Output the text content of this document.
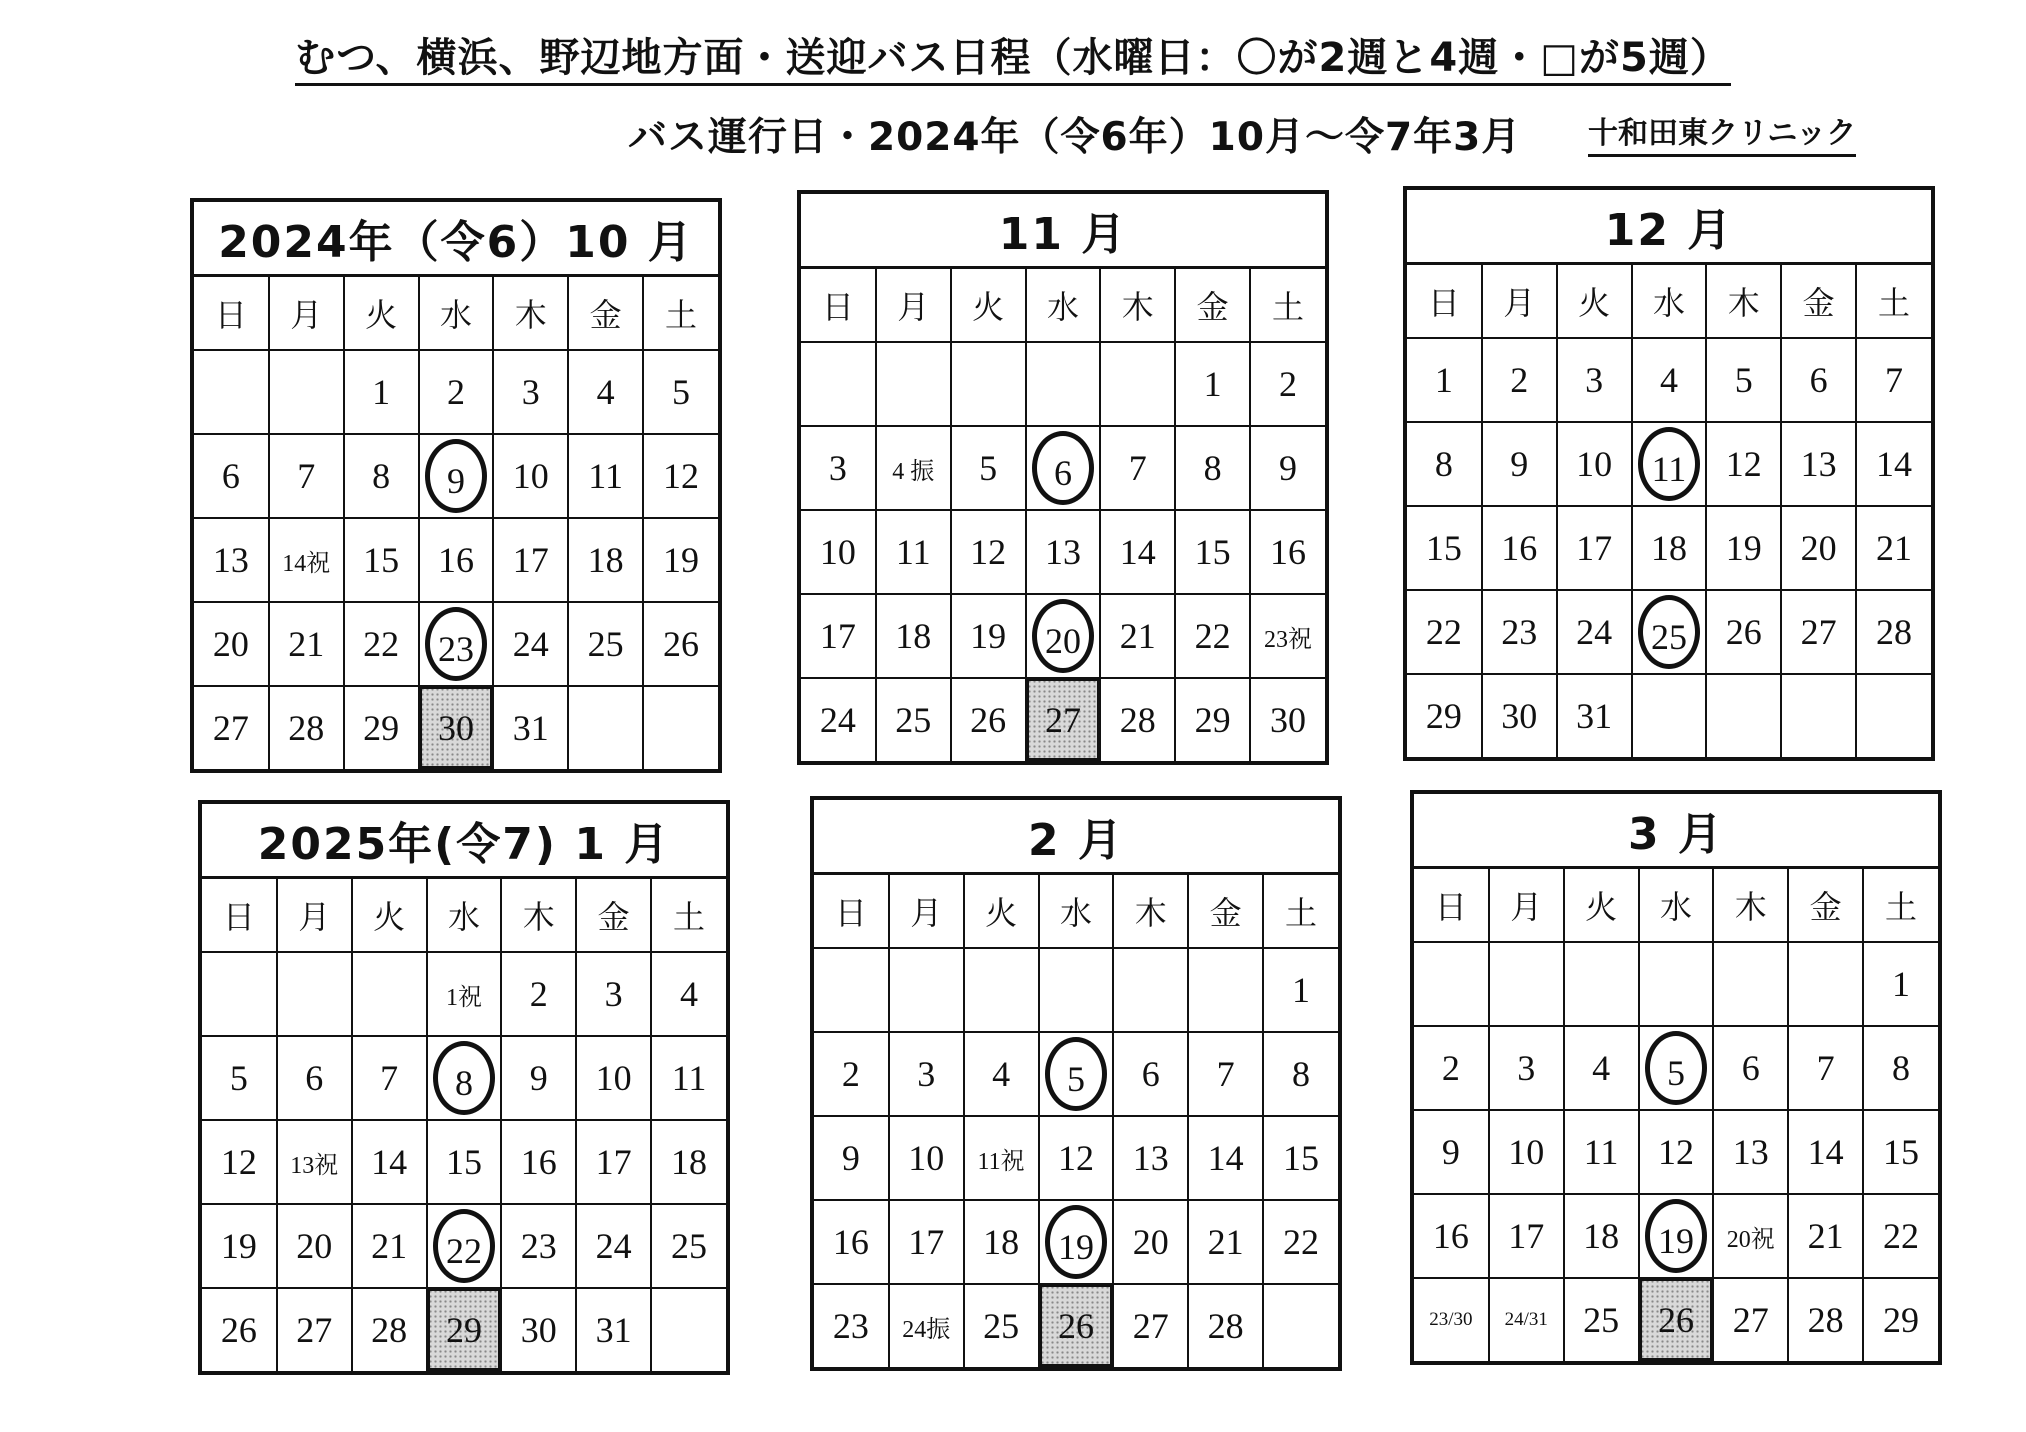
むつ、横浜、野辺地方面・送迎バス日程（水曜日：〇が2週と4週・□が5週）
バス運行日・2024年（令6年）10月～令7年3月 十和田東クリニック
2024年（令6）10 月
日	月	火	水	木	金	土
		1	2	3	4	5
6	7	8	9	10	11	12
13	14祝	15	16	17	18	19
20	21	22	23	24	25	26
27	28	29	30	31		
11 月
日	月	火	水	木	金	土
					1	2
3	4 振	5	6	7	8	9
10	11	12	13	14	15	16
17	18	19	20	21	22	23祝
24	25	26	27	28	29	30
12 月
日	月	火	水	木	金	土
1	2	3	4	5	6	7
8	9	10	11	12	13	14
15	16	17	18	19	20	21
22	23	24	25	26	27	28
29	30	31				
2025年(令7) 1 月
日	月	火	水	木	金	土
			1祝	2	3	4
5	6	7	8	9	10	11
12	13祝	14	15	16	17	18
19	20	21	22	23	24	25
26	27	28	29	30	31	
2 月
日	月	火	水	木	金	土
						1
2	3	4	5	6	7	8
9	10	11祝	12	13	14	15
16	17	18	19	20	21	22
23	24振	25	26	27	28	
3 月
日	月	火	水	木	金	土
						1
2	3	4	5	6	7	8
9	10	11	12	13	14	15
16	17	18	19	20祝	21	22
23/30	24/31	25	26	27	28	29
